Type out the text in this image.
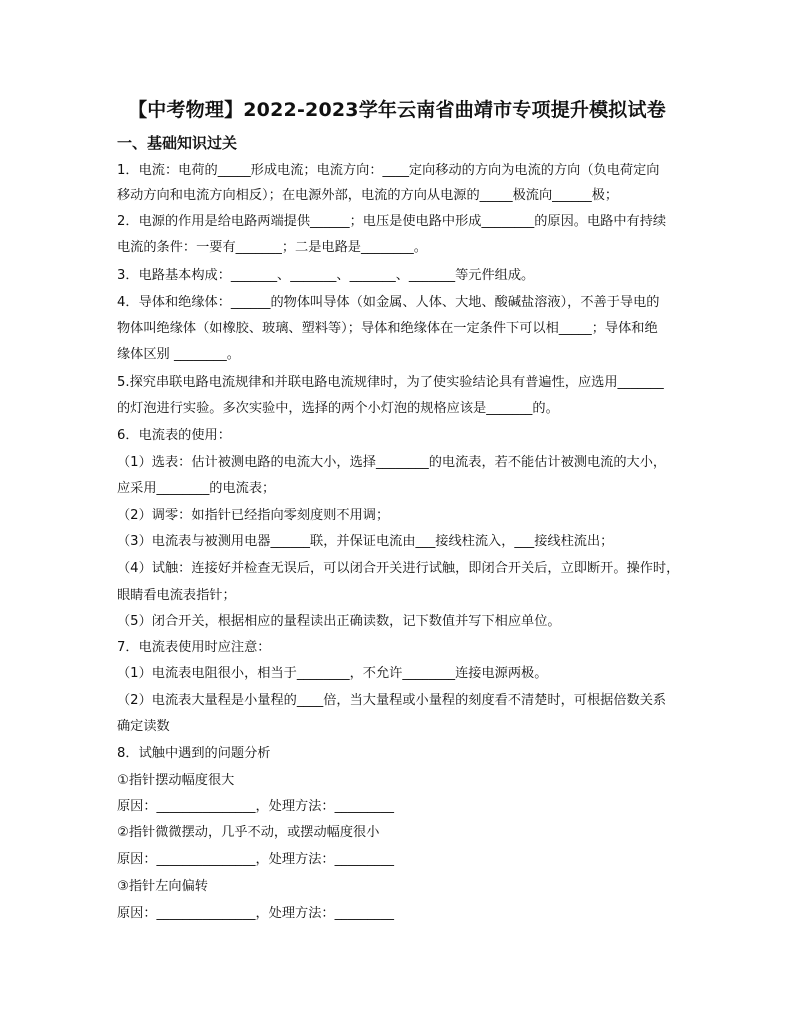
【中考物理】2022-2023学年云南省曲靖市专项提升模拟试卷
一、基础知识过关
1．电流：电荷的_____形成电流；电流方向：____定向移动的方向为电流的方向（负电荷定向
移动方向和电流方向相反）；在电源外部，电流的方向从电源的_____极流向______极；
2．电源的作用是给电路两端提供______；电压是使电路中形成________的原因。电路中有持续
电流的条件：一要有_______；二是电路是________。
3．电路基本构成：_______、_______、_______、_______等元件组成。
4．导体和绝缘体：______的物体叫导体（如金属、人体、大地、酸碱盐溶液），不善于导电的
物体叫绝缘体（如橡胶、玻璃、塑料等）；导体和绝缘体在一定条件下可以相_____；导体和绝
缘体区别 ________。
5.探究串联电路电流规律和并联电路电流规律时，为了使实验结论具有普遍性，应选用_______
的灯泡进行实验。多次实验中，选择的两个小灯泡的规格应该是_______的。
6．电流表的使用：
（1）选表：估计被测电路的电流大小，选择________的电流表，若不能估计被测电流的大小，
应采用________的电流表；
（2）调零：如指针已经指向零刻度则不用调；
（3）电流表与被测用电器______联，并保证电流由___接线柱流入，___接线柱流出；
（4）试触：连接好并检查无误后，可以闭合开关进行试触，即闭合开关后，立即断开。操作时，
眼睛看电流表指针；
（5）闭合开关，根据相应的量程读出正确读数，记下数值并写下相应单位。
7．电流表使用时应注意：
（1）电流表电阻很小，相当于________，不允许________连接电源两极。
（2）电流表大量程是小量程的____倍，当大量程或小量程的刻度看不清楚时，可根据倍数关系
确定读数
8．试触中遇到的问题分析
①指针摆动幅度很大
原因：_______________，处理方法：_________
②指针微微摆动，几乎不动，或摆动幅度很小
原因：_______________，处理方法：_________
③指针左向偏转
原因：_______________，处理方法：_________
